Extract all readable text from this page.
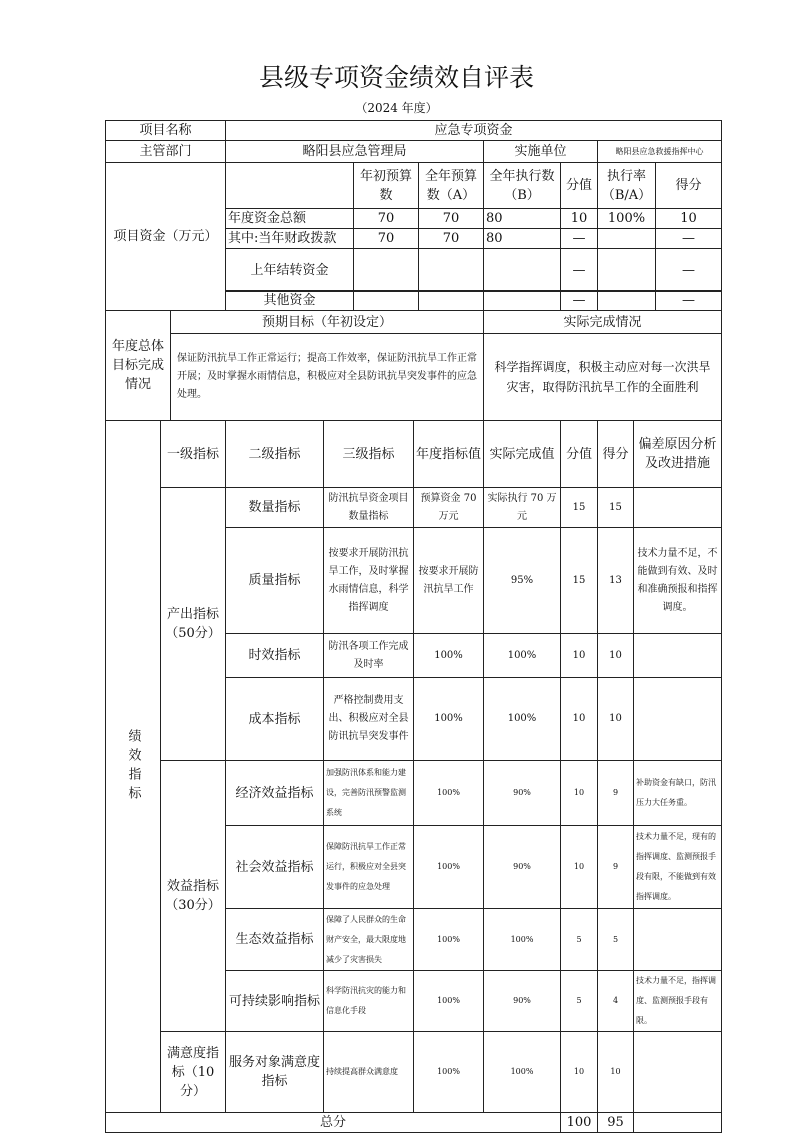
县级专项资金绩效自评表
（2024 年度）
项目名称	应急专项资金						
主管部门	略阳县应急管理局			实施单位		略阳县应急救援指挥中心	
项目资金（万元）		年初预算数	全年预算数（A）	全年执行数（B）	分值	执行率（B/A）	得分
	年度资金总额	70	70	80	10	100%	10
	其中:当年财政拨款	70	70	80	—		—
	上年结转资金				—		—

	其他资金				—		—
年度总体目标完成情况	预期目标（年初设定）	实际完成情况
	保证防汛抗旱工作正常运行；提高工作效率，保证防汛抗旱工作正常开展；及时掌握水雨情信息，积极应对全县防讯抗旱突发事件的应急处理。	科学指挥调度，积极主动应对每一次洪旱灾害，取得防汛抗旱工作的全面胜利
绩效指标	一级指标	二级指标	三级指标	年度指标值	实际完成值	分值	得分	偏差原因分析及改进措施
	产出指标（50分）	数量指标	防汛抗旱资金项目数量指标	预算资金 70 万元	实际执行 70 万元	15	15	
		质量指标	按要求开展防汛抗旱工作，及时掌握水雨情信息，科学指挥调度	按要求开展防汛抗旱工作	95%	15	13	技术力量不足，不能做到有效、及时和准确预报和指挥调度。
		时效指标	防汛各项工作完成及时率	100%	100%	10	10	
		成本指标	严格控制费用支出、积极应对全县防讯抗旱突发事件	100%	100%	10	10	
	效益指标（30分）	经济效益指标	加强防汛体系和能力建设，完善防汛预警监测系统	100%	90%	10	9	补助资金有缺口，防汛压力大任务重。
		社会效益指标	保障防汛抗旱工作正常运行，积极应对全县突发事件的应急处理	100%	90%	10	9	技术力量不足，现有的指挥调度、监测预报手段有限，不能做到有效指挥调度。
		生态效益指标	保障了人民群众的生命财产安全，最大限度地减少了灾害损失	100%	100%	5	5	
		可持续影响指标	科学防汛抗灾的能力和信息化手段	100%	90%	5	4	技术力量不足，指挥调度、监测预报手段有限。
	满意度指标（10分）	服务对象满意度指标	持续提高群众满意度	100%	100%	10	10	
总分						100	95	
